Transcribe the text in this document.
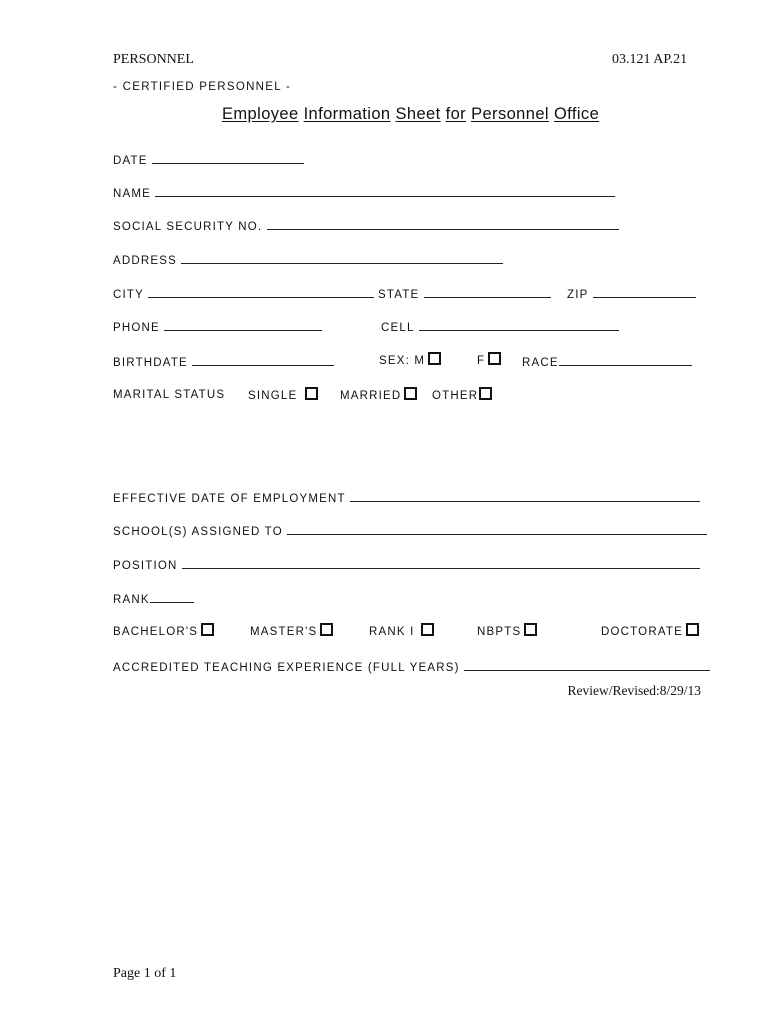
PERSONNEL	03.121 AP.21
- CERTIFIED PERSONNEL -
Employee Information Sheet for Personnel Office
DATE
NAME
SOCIAL SECURITY NO.
ADDRESS
CITY	STATE	ZIP
PHONE	CELL
BIRTHDATE	SEX: M	F	RACE
MARITAL STATUS SINGLE	MARRIED	OTHER
EFFECTIVE DATE OF EMPLOYMENT
SCHOOL(S) ASSIGNED TO
POSITION
RANK
BACHELOR'S	MASTER'S	RANK I	NBPTS	DOCTORATE
ACCREDITED TEACHING EXPERIENCE (FULL YEARS)
Review/Revised:8/29/13
Page 1 of 1
